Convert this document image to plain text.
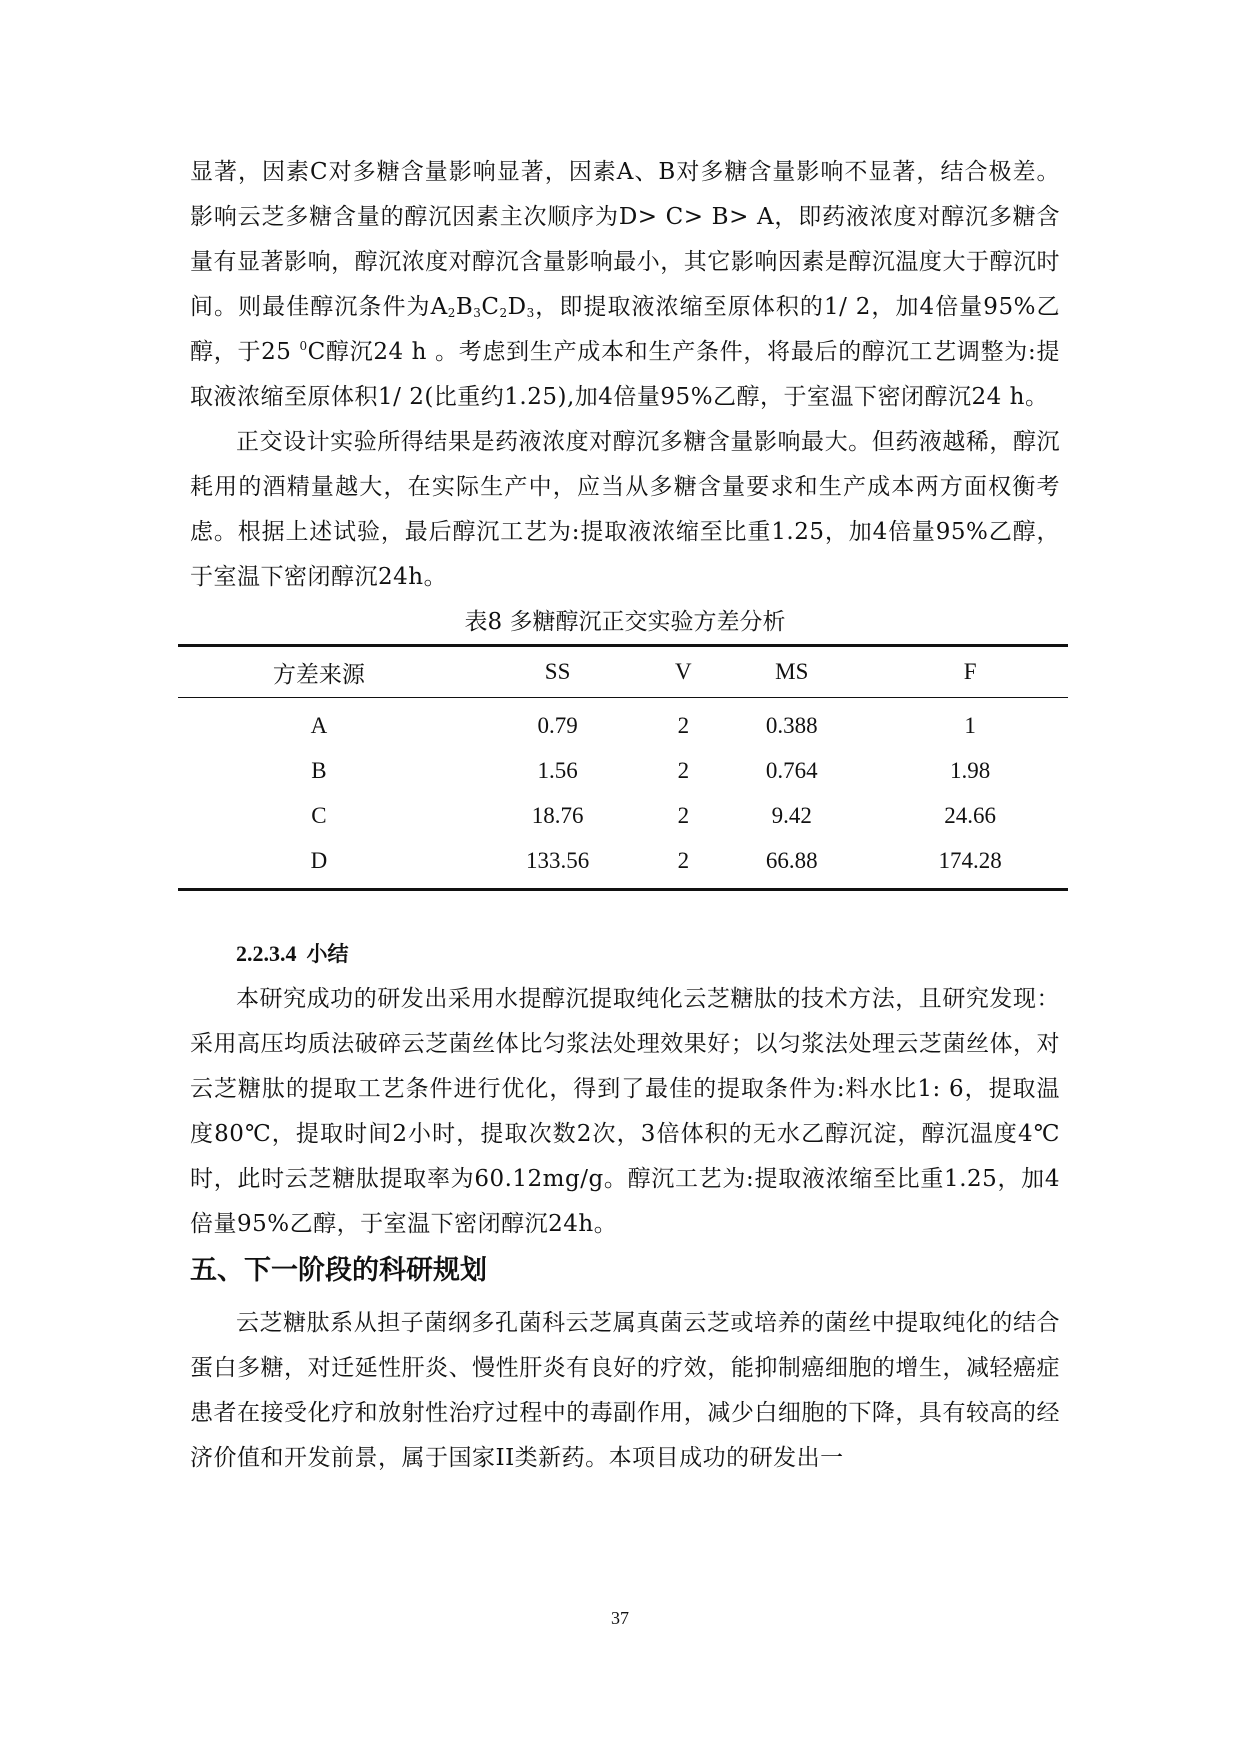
显著，因素C对多糖含量影响显著，因素A、B对多糖含量影响不显著，结合极差。影响云芝多糖含量的醇沉因素主次顺序为D> C> B> A，即药液浓度对醇沉多糖含量有显著影响，醇沉浓度对醇沉含量影响最小，其它影响因素是醇沉温度大于醇沉时间。则最佳醇沉条件为$A_2B_3C_2D_3$，即提取液浓缩至原体积的1/ 2，加4倍量95%乙醇，于25 $^0$C醇沉24 h 。考虑到生产成本和生产条件，将最后的醇沉工艺调整为:提取液浓缩至原体积1/ 2(比重约1.25),加4倍量95%乙醇，于室温下密闭醇沉24 h。

正交设计实验所得结果是药液浓度对醇沉多糖含量影响最大。但药液越稀，醇沉耗用的酒精量越大，在实际生产中，应当从多糖含量要求和生产成本两方面权衡考虑。根据上述试验，最后醇沉工艺为:提取液浓缩至比重1.25，加4倍量95%乙醇，于室温下密闭醇沉24h。

表8 多糖醇沉正交实验方差分析
方差来源	SS	V	MS	F
A	0.79	2	0.388	1
B	1.56	2	0.764	1.98
C	18.76	2	9.42	24.66
D	133.56	2	66.88	174.28
2.2.3.4 小结

本研究成功的研发出采用水提醇沉提取纯化云芝糖肽的技术方法，且研究发现：采用高压均质法破碎云芝菌丝体比匀浆法处理效果好；以匀浆法处理云芝菌丝体，对云芝糖肽的提取工艺条件进行优化，得到了最佳的提取条件为:料水比1: 6，提取温度80℃，提取时间2小时，提取次数2次，3倍体积的无水乙醇沉淀，醇沉温度4℃时，此时云芝糖肽提取率为60.12mg/g。醇沉工艺为:提取液浓缩至比重1.25，加4倍量95%乙醇，于室温下密闭醇沉24h。

五、下一阶段的科研规划

云芝糖肽系从担子菌纲多孔菌科云芝属真菌云芝或培养的菌丝中提取纯化的结合蛋白多糖，对迁延性肝炎、慢性肝炎有良好的疗效，能抑制癌细胞的增生，减轻癌症患者在接受化疗和放射性治疗过程中的毒副作用，减少白细胞的下降，具有较高的经济价值和开发前景，属于国家II类新药。本项目成功的研发出一

37
